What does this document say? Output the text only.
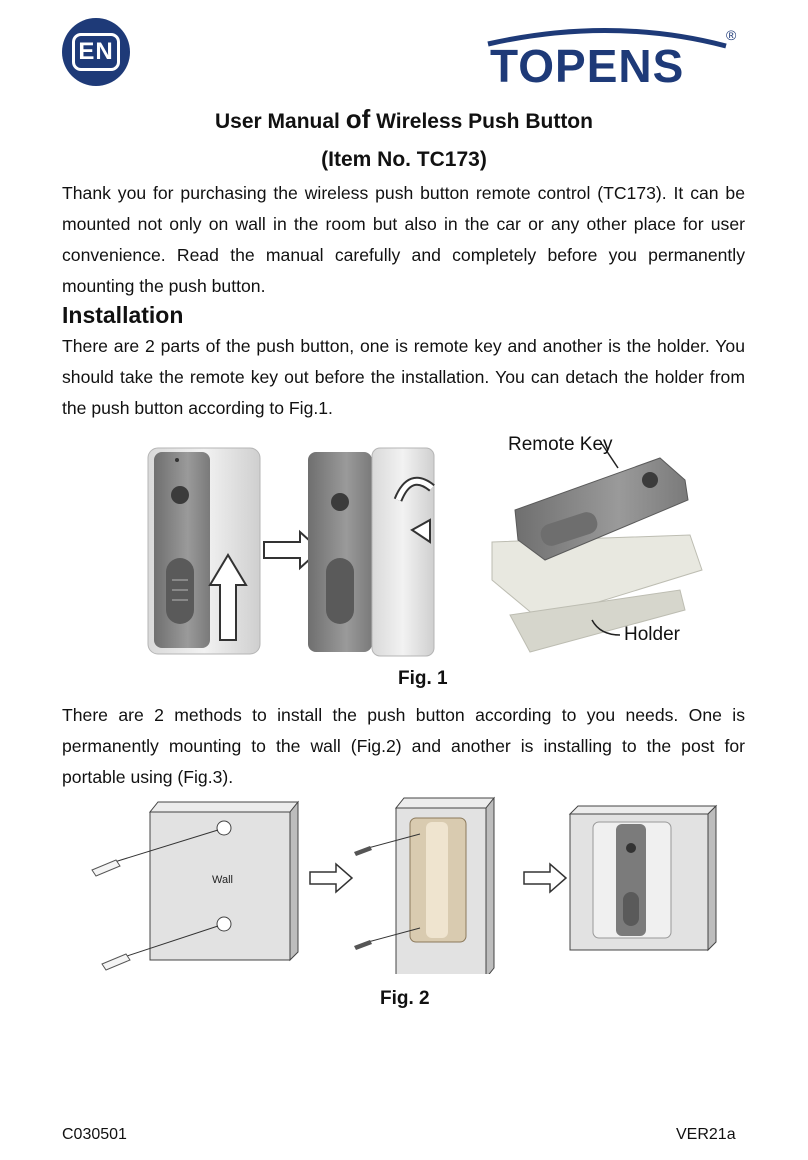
EN	TOPENS
®
User Manual of Wireless Push Button
(Item No. TC173)
Thank you for purchasing the wireless push button remote control (TC173). It can be mounted not only on wall in the room but also in the car or any other place for user convenience. Read the manual carefully and completely before you permanently mounting the push button.
Installation
There are 2 parts of the push button, one is remote key and another is the holder. You should take the remote key out before the installation. You can detach the holder from the push button according to Fig.1.
Remote Key
Holder
Fig. 1
There are 2 methods to install the push button according to you needs. One is permanently mounting to the wall (Fig.2) and another is installing to the post for portable using (Fig.3).
Wall
Fig. 2
C030501	VER21a
